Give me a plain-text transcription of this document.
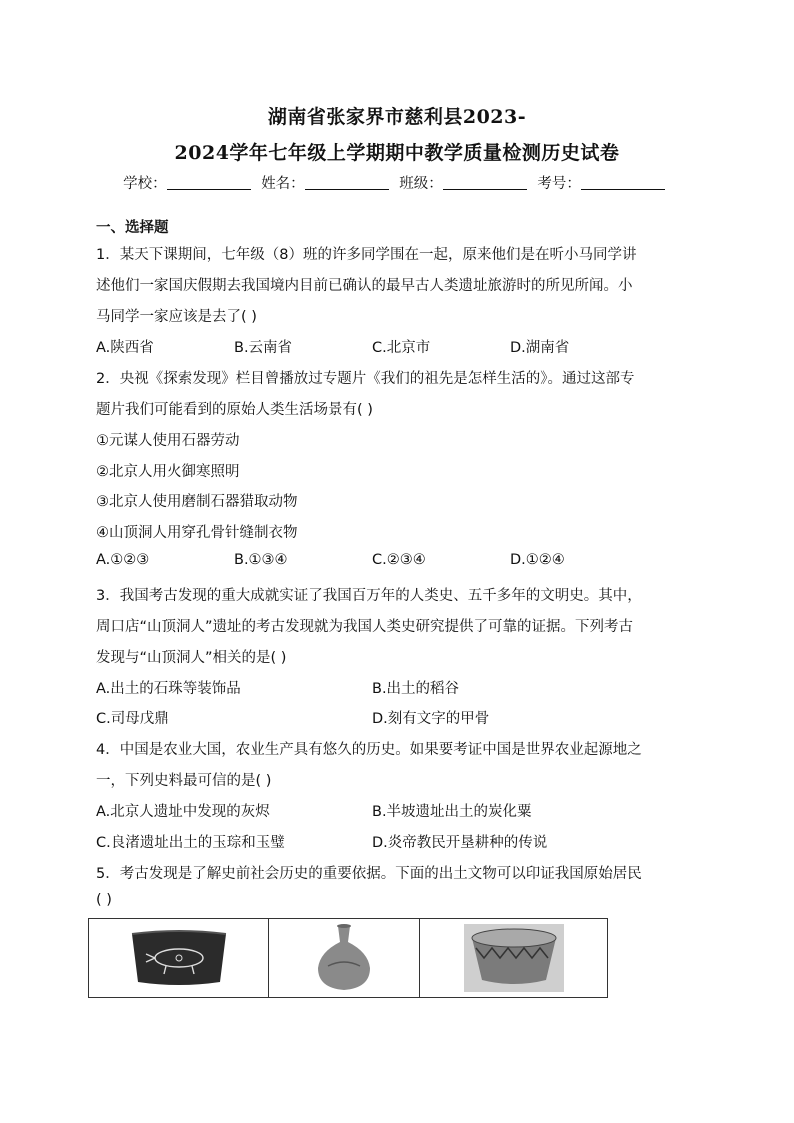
湖南省张家界市慈利县2023-
2024学年七年级上学期期中教学质量检测历史试卷
学校：	姓名：	班级：	考号：
一、选择题
1．某天下课期间，七年级（8）班的许多同学围在一起，原来他们是在听小马同学讲
述他们一家国庆假期去我国境内目前已确认的最早古人类遗址旅游时的所见所闻。小
马同学一家应该是去了( )
A.陕西省	B.云南省	C.北京市	D.湖南省
2．央视《探索发现》栏目曾播放过专题片《我们的祖先是怎样生活的》。通过这部专
题片我们可能看到的原始人类生活场景有( )
①元谋人使用石器劳动
②北京人用火御寒照明
③北京人使用磨制石器猎取动物
④山顶洞人用穿孔骨针缝制衣物
A.①②③	B.①③④	C.②③④	D.①②④
3．我国考古发现的重大成就实证了我国百万年的人类史、五千多年的文明史。其中，
周口店“山顶洞人”遗址的考古发现就为我国人类史研究提供了可靠的证据。下列考古
发现与“山顶洞人”相关的是( )
A.出土的石珠等装饰品	B.出土的稻谷
C.司母戊鼎	D.刻有文字的甲骨
4．中国是农业大国，农业生产具有悠久的历史。如果要考证中国是世界农业起源地之
一，下列史料最可信的是( )
A.北京人遗址中发现的灰烬	B.半坡遗址出土的炭化粟
C.良渚遗址出土的玉琮和玉璧	D.炎帝教民开垦耕种的传说
5．考古发现是了解史前社会历史的重要依据。下面的出土文物可以印证我国原始居民
( )
